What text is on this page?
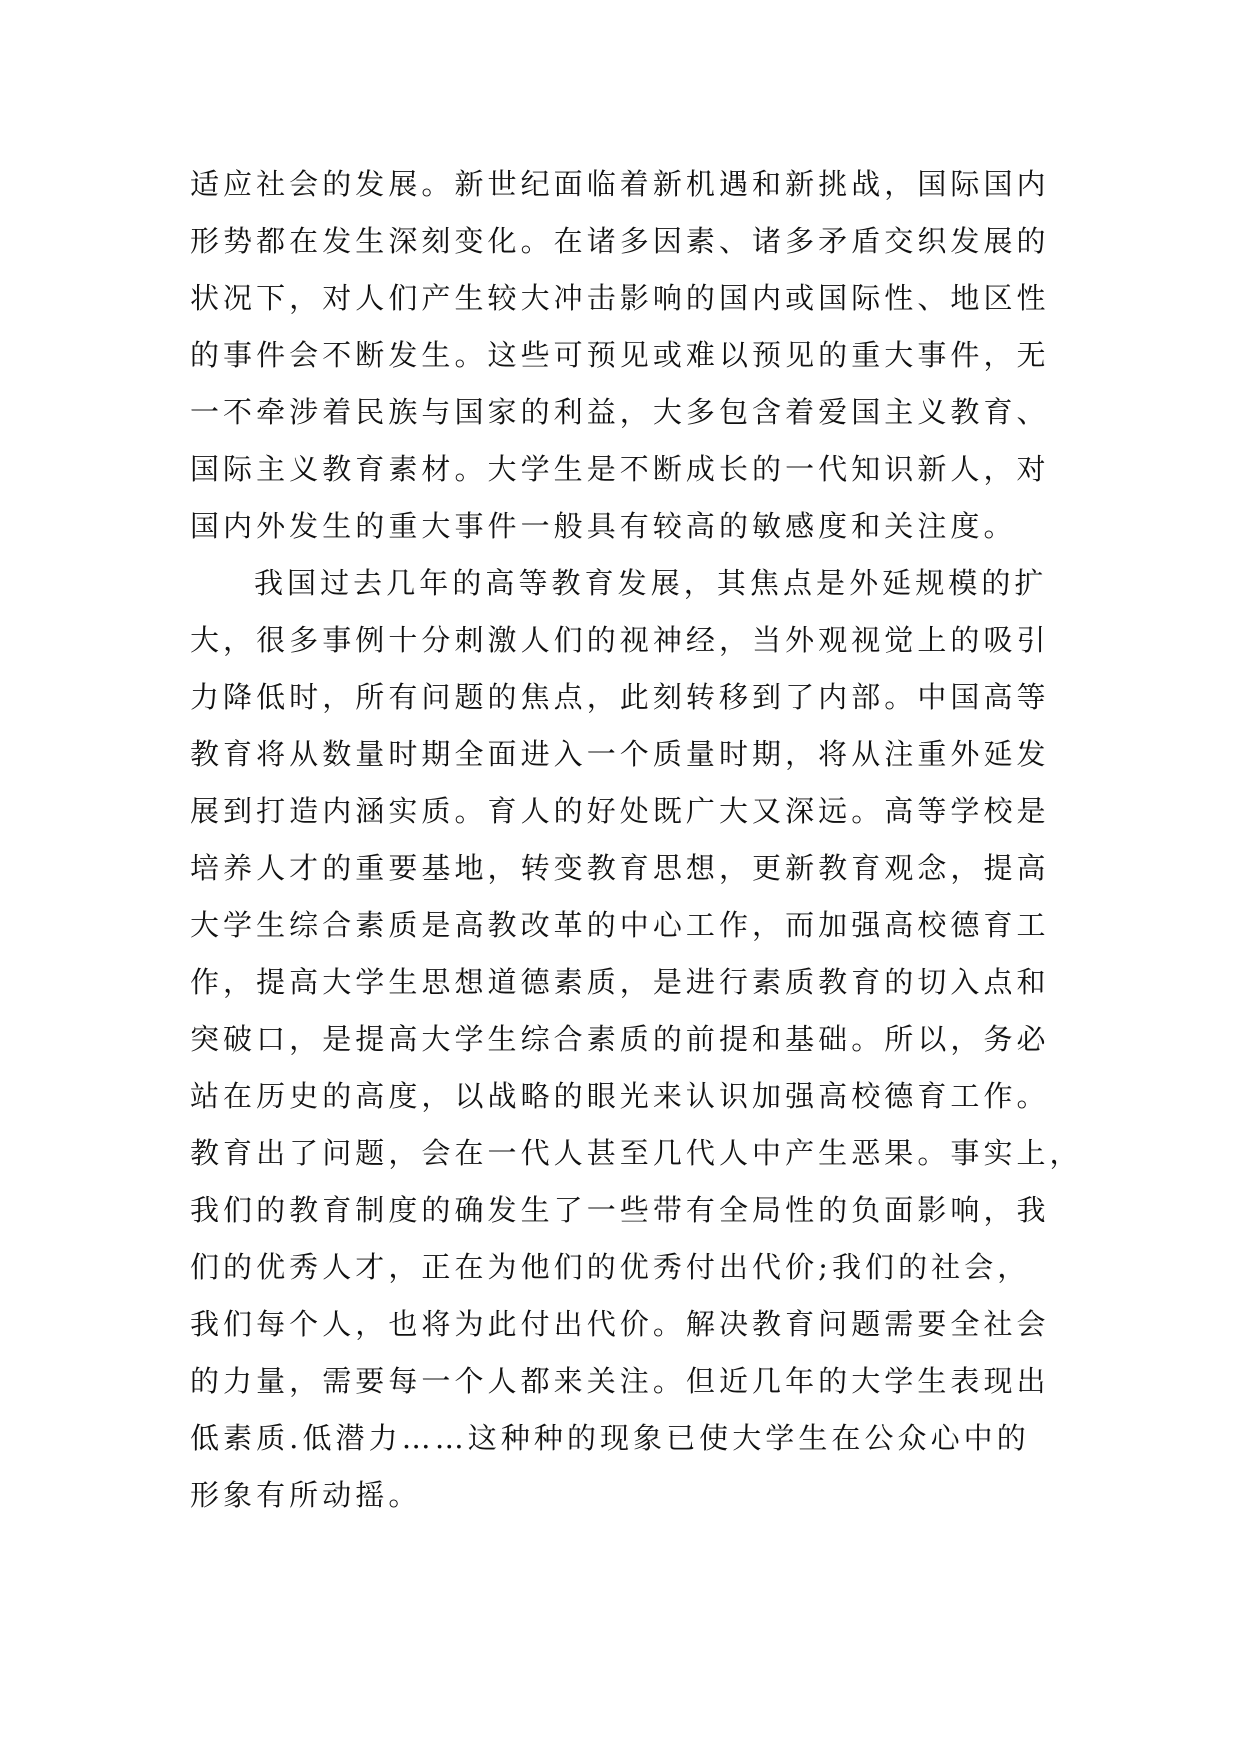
适应社会的发展。新世纪面临着新机遇和新挑战，国际国内
形势都在发生深刻变化。在诸多因素、诸多矛盾交织发展的
状况下，对人们产生较大冲击影响的国内或国际性、地区性
的事件会不断发生。这些可预见或难以预见的重大事件，无
一不牵涉着民族与国家的利益，大多包含着爱国主义教育、
国际主义教育素材。大学生是不断成长的一代知识新人，对
国内外发生的重大事件一般具有较高的敏感度和关注度。
我国过去几年的高等教育发展，其焦点是外延规模的扩
大，很多事例十分刺激人们的视神经，当外观视觉上的吸引
力降低时，所有问题的焦点，此刻转移到了内部。中国高等
教育将从数量时期全面进入一个质量时期，将从注重外延发
展到打造内涵实质。育人的好处既广大又深远。高等学校是
培养人才的重要基地，转变教育思想，更新教育观念，提高
大学生综合素质是高教改革的中心工作，而加强高校德育工
作，提高大学生思想道德素质，是进行素质教育的切入点和
突破口，是提高大学生综合素质的前提和基础。所以，务必
站在历史的高度，以战略的眼光来认识加强高校德育工作。
教育出了问题，会在一代人甚至几代人中产生恶果。事实上，
我们的教育制度的确发生了一些带有全局性的负面影响，我
们的优秀人才，正在为他们的优秀付出代价;我们的社会，
我们每个人，也将为此付出代价。解决教育问题需要全社会
的力量，需要每一个人都来关注。但近几年的大学生表现出
低素质.低潜力……这种种的现象已使大学生在公众心中的
形象有所动摇。
